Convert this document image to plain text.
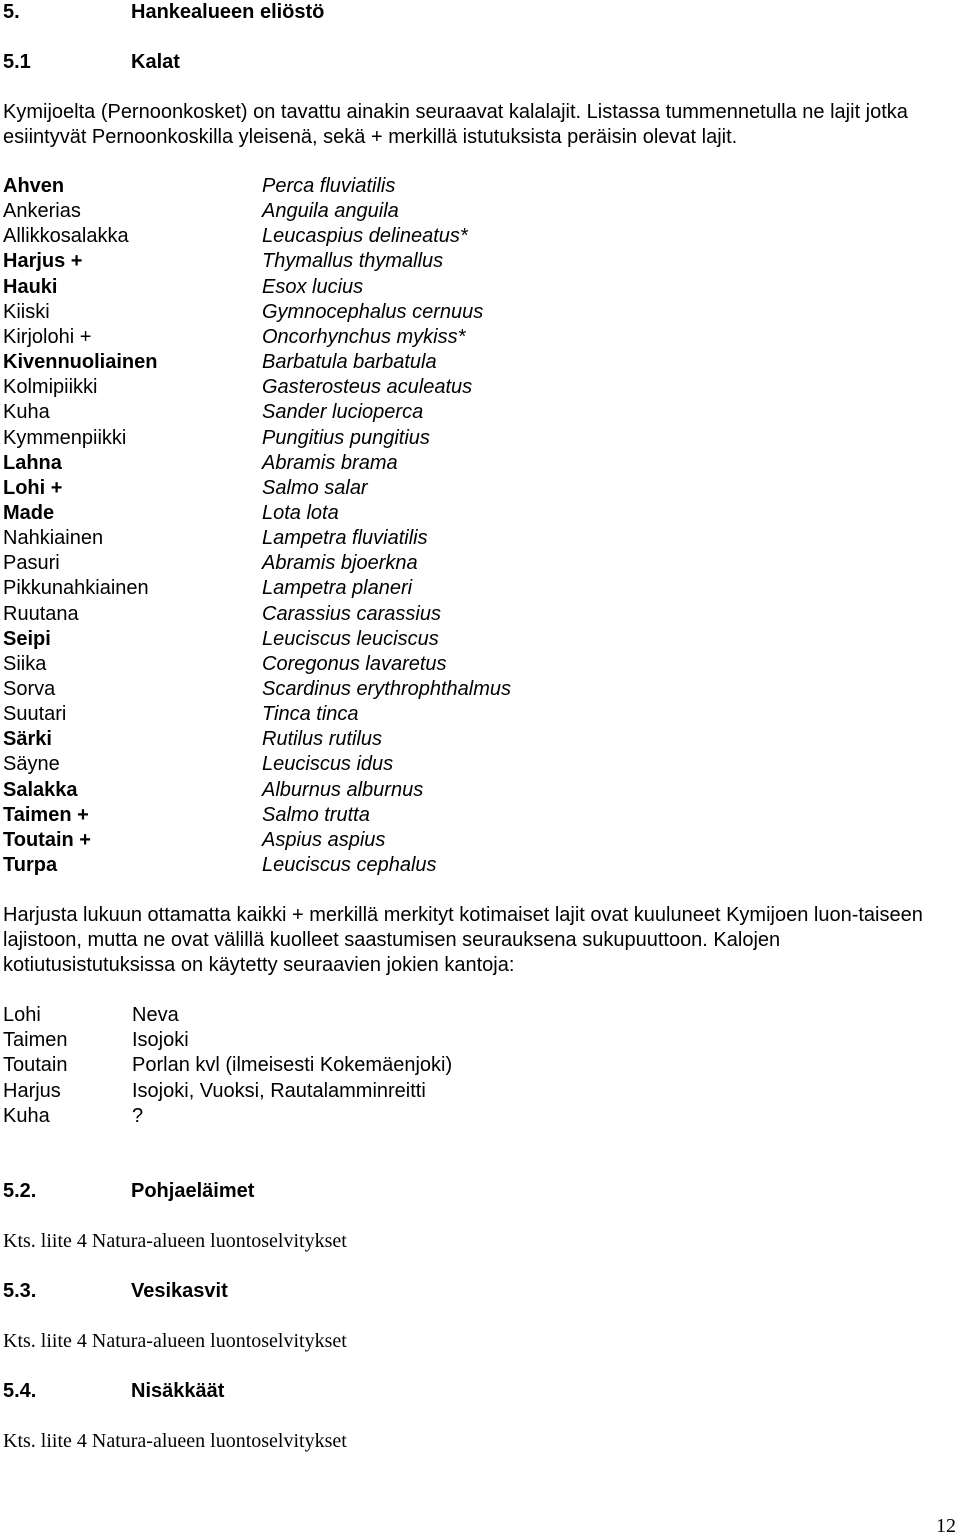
5.	Hankealueen eliöstö
5.1	Kalat
Kymijoelta (Pernoonkosket) on tavattu ainakin seuraavat kalalajit. Listassa tummennetulla ne lajit jotka esiintyvät Pernoonkoskilla yleisenä, sekä + merkillä istutuksista peräisin olevat lajit.
Ahven	Perca fluviatilis
Ankerias	Anguila anguila
Allikkosalakka	Leucaspius delineatus*
Harjus +	Thymallus thymallus
Hauki	Esox lucius
Kiiski	Gymnocephalus cernuus
Kirjolohi +	Oncorhynchus mykiss*
Kivennuoliainen	Barbatula barbatula
Kolmipiikki	Gasterosteus aculeatus
Kuha	Sander lucioperca
Kymmenpiikki	Pungitius pungitius
Lahna	Abramis brama
Lohi +	Salmo salar
Made	Lota lota
Nahkiainen	Lampetra fluviatilis
Pasuri	Abramis bjoerkna
Pikkunahkiainen	Lampetra planeri
Ruutana	Carassius carassius
Seipi	Leuciscus leuciscus
Siika	Coregonus lavaretus
Sorva	Scardinus erythrophthalmus
Suutari	Tinca tinca
Särki	Rutilus rutilus
Säyne	Leuciscus idus
Salakka	Alburnus alburnus
Taimen +	Salmo trutta
Toutain +	Aspius aspius
Turpa	Leuciscus cephalus
Harjusta lukuun ottamatta kaikki + merkillä merkityt kotimaiset lajit ovat kuuluneet Kymijoen luon-taiseen lajistoon, mutta ne ovat välillä kuolleet saastumisen seurauksena sukupuuttoon. Kalojen kotiutusistutuksissa on käytetty seuraavien jokien kantoja:
Lohi	Neva
Taimen	Isojoki
Toutain	Porlan kvl (ilmeisesti Kokemäenjoki)
Harjus	Isojoki, Vuoksi, Rautalamminreitti
Kuha	?
5.2.	Pohjaeläimet
Kts. liite 4 Natura-alueen luontoselvitykset
5.3.	Vesikasvit
Kts. liite 4 Natura-alueen luontoselvitykset
5.4.	Nisäkkäät
Kts. liite 4 Natura-alueen luontoselvitykset
12
